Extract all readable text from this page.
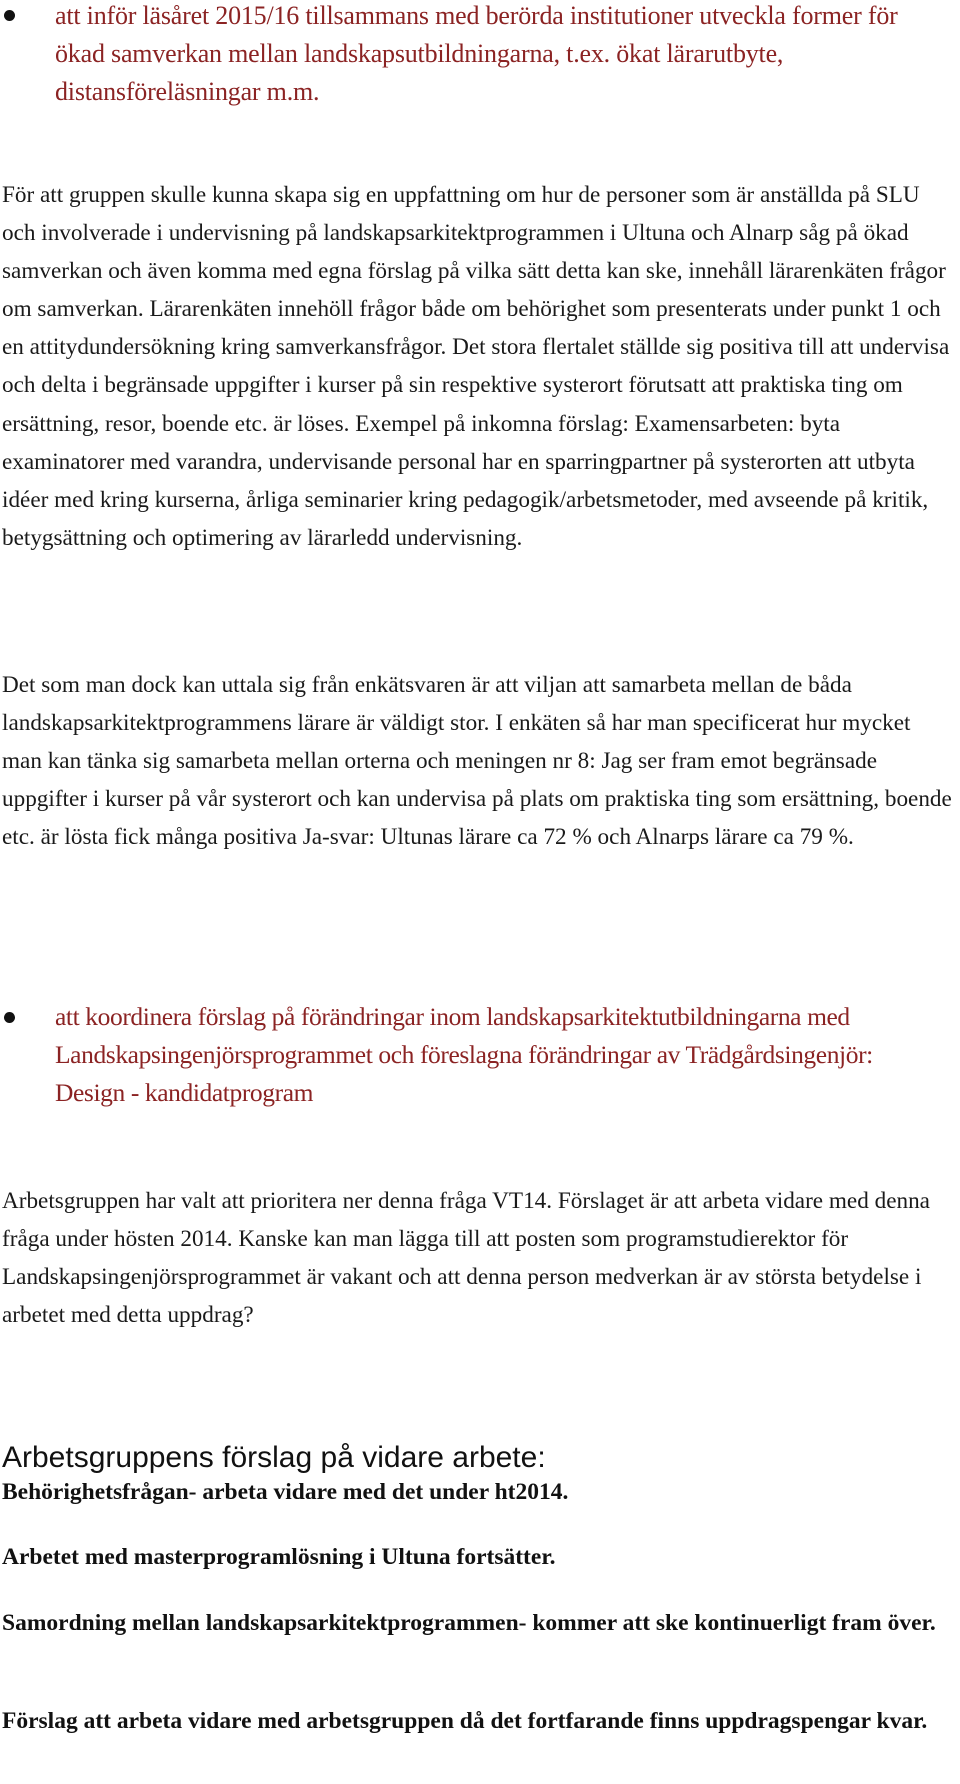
att inför läsåret 2015/16 tillsammans med berörda institutioner utveckla former för ökad samverkan mellan landskapsutbildningarna, t.ex. ökat lärarutbyte, distansföreläsningar m.m.

För att gruppen skulle kunna skapa sig en uppfattning om hur de personer som är anställda på SLU och involverade i undervisning på landskapsarkitektprogrammen i Ultuna och Alnarp såg på ökad samverkan och även komma med egna förslag på vilka sätt detta kan ske, innehåll lärarenkäten frågor om samverkan. Lärarenkäten innehöll frågor både om behörighet som presenterats under punkt 1 och en attitydundersökning kring samverkansfrågor. Det stora flertalet ställde sig positiva till att undervisa och delta i begränsade uppgifter i kurser på sin respektive systerort förutsatt att praktiska ting om ersättning, resor, boende etc. är löses. Exempel på inkomna förslag: Examensarbeten: byta examinatorer med varandra, undervisande personal har en sparringpartner på systerorten att utbyta idéer med kring kurserna, årliga seminarier kring pedagogik/arbetsmetoder, med avseende på kritik, betygsättning och optimering av lärarledd undervisning.

Det som man dock kan uttala sig från enkätsvaren är att viljan att samarbeta mellan de båda landskapsarkitektprogrammens lärare är väldigt stor. I enkäten så har man specificerat hur mycket man kan tänka sig samarbeta mellan orterna och meningen nr 8: Jag ser fram emot begränsade uppgifter i kurser på vår systerort och kan undervisa på plats om praktiska ting som ersättning, boende etc. är lösta fick många positiva Ja-svar: Ultunas lärare ca 72 % och Alnarps lärare ca 79 %.

att koordinera förslag på förändringar inom landskapsarkitektutbildningarna med Landskapsingenjörsprogrammet och föreslagna förändringar av Trädgårdsingenjör: Design - kandidatprogram

Arbetsgruppen har valt att prioritera ner denna fråga VT14. Förslaget är att arbeta vidare med denna fråga under hösten 2014. Kanske kan man lägga till att posten som programstudierektor för Landskapsingenjörsprogrammet är vakant och att denna person medverkan är av största betydelse i arbetet med detta uppdrag?

Arbetsgruppens förslag på vidare arbete:

Behörighetsfrågan- arbeta vidare med det under ht2014.

Arbetet med masterprogramlösning i Ultuna fortsätter.

Samordning mellan landskapsarkitektprogrammen- kommer att ske kontinuerligt fram över.

Förslag att arbeta vidare med arbetsgruppen då det fortfarande finns uppdragspengar kvar.
